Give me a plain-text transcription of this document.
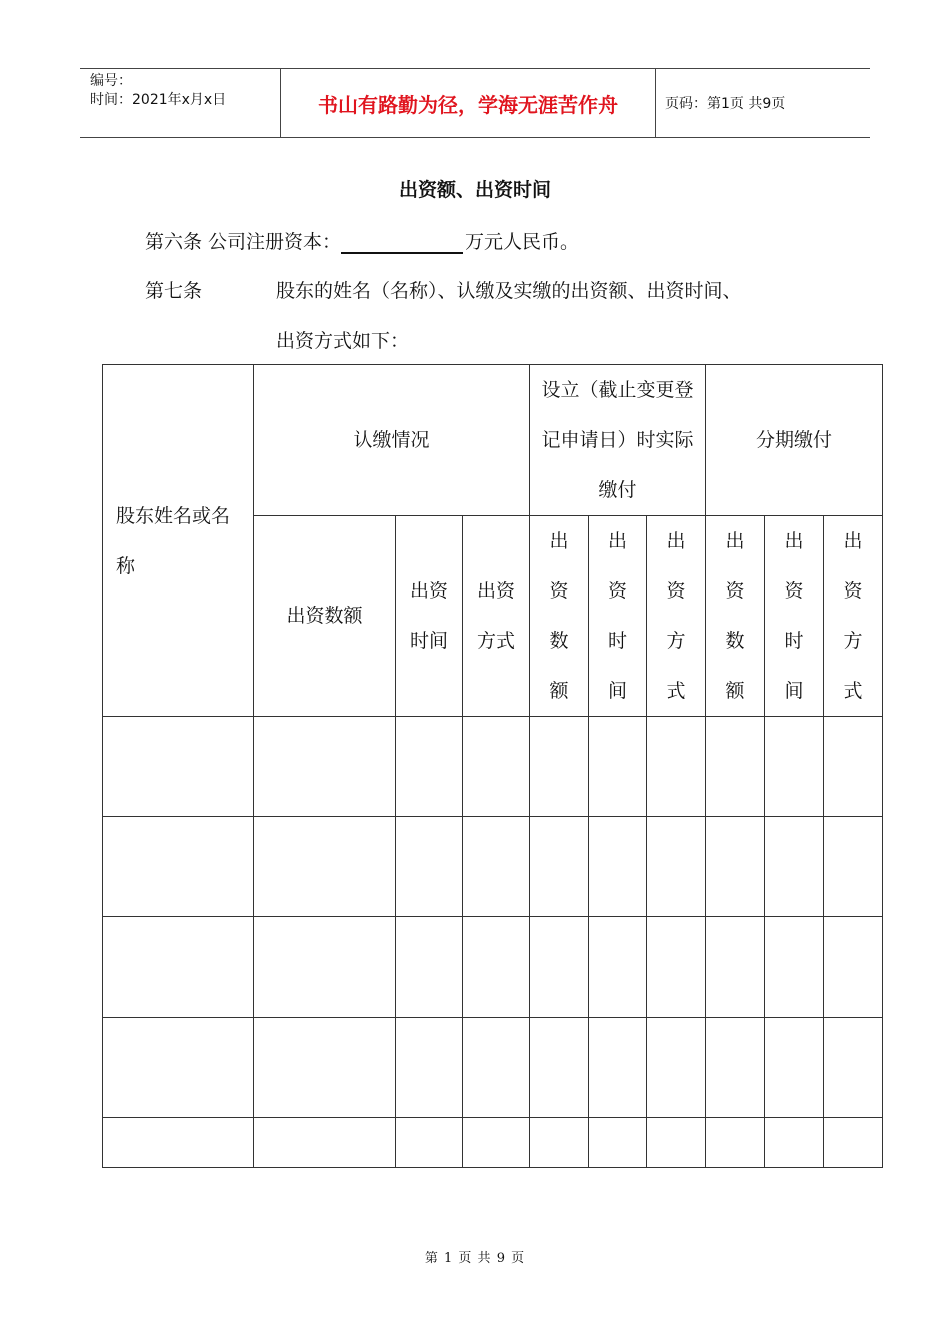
编号：
时间：2021年x月x日	书山有路勤为径，学海无涯苦作舟	页码：第1页 共9页
出资额、出资时间
第六条 公司注册资本：	万元人民币。
第七条	股东的姓名（名称）、认缴及实缴的出资额、出资时间、
出资方式如下：
股东姓名或名称	认缴情况			设立（截止变更登记申请日）时实际缴付			分期缴付		
	出资数额	出资时间	出资方式	出资数额	出资时间	出资方式	出资数额	出资时间	出资方式

第 1 页 共 9 页
